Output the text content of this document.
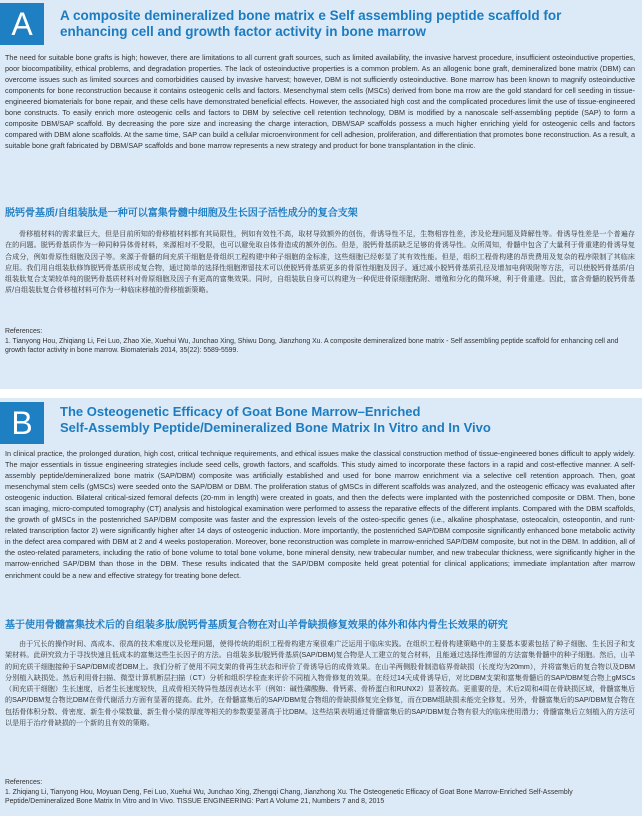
A	A composite demineralized bone matrix e Self assembling peptide scaffold for enhancing cell and growth factor activity in bone marrow
The need for suitable bone grafts is high; however, there are limitations to all current graft sources, such as limited availability, the invasive harvest procedure, insufficient osteoinductive properties, poor biocompatibility, ethical problems, and degradation properties. The lack of osteoinductive properties is a common problem. As an allogenic bone graft, demineralized bone matrix (DBM) can overcome issues such as limited sources and comorbidities caused by invasive harvest; however, DBM is not sufficiently osteoinductive. Bone marrow has been known to magnify osteoinductive components for bone reconstruction because it contains osteogenic cells and factors. Mesenchymal stem cells (MSCs) derived from bone ma rrow are the gold standard for cell seeding in tissue-engineered biomaterials for bone repair, and these cells have demonstrated beneficial effects. However, the associated high cost and the complicated procedures limit the use of tissue-engineered bone constructs. To easily enrich more osteogenic cells and factors to DBM by selective cell retention technology, DBM is modified by a nanoscale self-assembling peptide (SAP) to form a composite DBM/SAP scaffold. By decreasing the pore size and increasing the charge interaction, DBM/SAP scaffolds possess a much higher enriching yield for osteogenic cells and factors compared with DBM alone scaffolds. At the same time, SAP can build a cellular microenvironment for cell adhesion, proliferation, and differentiation that promotes bone reconstruction. As a result, a suitable bone graft fabricated by DBM/SAP scaffolds and bone marrow represents a new strategy and product for bone transplantation in the clinic.
脱钙骨基质/自组装肽是一种可以富集骨髓中细胞及生长因子活性成分的复合支架
骨移植材料的需求量巨大，但是目前所知的骨移植材料都有其局限性，例如有效性不高，取材导致额外的创伤，骨诱导性不足，生物相容性差，涉及伦理问题及降解性等。骨诱导性差是一个普遍存在的问题。脱钙骨基质作为一种同种异体骨材料，来源相对不受限，也可以避免取自体骨造成的额外创伤。但是，脱钙骨基质缺乏足够的骨诱导性。众所周知，骨髓中包含了大量利于骨重建的骨诱导复合成分，例如骨原性细胞及因子等。来源于骨髓的间充质干细胞是骨组织工程构建中种子细胞的金标准，这些细胞已经彰显了其有效性能。但是，组织工程骨构建的昂贵费用及复杂的程序限制了其临床应用。我们用自组装肽修饰脱钙骨基质形成复合物，通过简单的选择性细胞滞留技术可以使脱钙骨基质更多的骨原性细胞及因子。通过减小脱钙骨基质孔径及增加电荷吸附等方法，可以使脱钙骨基质/自组装肽复合支架较单纯的脱钙骨基质材料对骨原细胞及因子有更高的富集效果。同时，自组装肽自身可以构建为一种促进骨原细胞粘附、增殖和分化的微环境，利于骨重建。因此，富含骨髓的脱钙骨基质/自组装肽复合骨移植材料可作为一种临床移植的骨移植新策略。
References:
1. Tianyong Hou, Zhiqiang Li, Fei Luo, Zhao Xie, Xuehui Wu, Junchao Xing, Shiwu Dong, Jianzhong Xu. A composite demineralized bone matrix - Self assembling peptide scaffold for enhancing cell and growth factor activity in bone marrow. Biomaterials 2014, 35(22): 5589-5599.
B	The Osteogenetic Efficacy of Goat Bone Marrow–Enriched
Self-Assembly Peptide/Demineralized Bone Matrix In Vitro and In Vivo
In clinical practice, the prolonged duration, high cost, critical technique requirements, and ethical issues make the classical construction method of tissue-engineered bones difficult to apply widely. The major essentials in tissue engineering strategies include seed cells, growth factors, and scaffolds. This study aimed to incorporate these factors in a rapid and cost-effective manner. A self-assembly peptide/demineralized bone matrix (SAP/DBM) composite was artificially established and used for bone marrow enrichment via a selective cell retention approach. Then, goat mesenchymal stem cells (gMSCs) were seeded onto the SAP/DBM or DBM. The proliferation status of gMSCs in different scaffolds was analyzed, and the osteogenic efficacy was evaluated after osteogenic induction. Bilateral critical-sized femoral defects (20-mm in length) were created in goats, and then the defects were implanted with the postenriched composite or DBM. Then, bone scan imaging, micro-computed tomography (CT) analysis and histological examination were performed to assess the reparative effects of the different implants. Compared with the DBM scaffolds, the growth of gMSCs in the postenriched SAP/DBM composite was faster and the expression levels of the osteo-specific genes (i.e., alkaline phosphatase, osteocalcin, osteopontin, and runt-related transcription factor 2) were significantly higher after 14 days of osteogenic induction. More importantly, the postenriched SAP/DBM composite significantly enhanced bone metabolic activity in the defect area compared with DBM at 2 and 4 weeks postoperation. Moreover, bone reconstruction was complete in marrow-enriched SAP/DBM composite, but not in the DBM. In addition, all of the osteo-related parameters, including the ratio of bone volume to total bone volume, bone mineral density, new trabecular number, and new trabecular thickness, were significantly higher in the marrow-enriched SAP/DBM than those in the DBM. These results indicated that the SAP/DBM composite held great potential for clinical applications; immediate implantation after marrow enrichment could be a new and effective strategy for treating bone defect.
基于使用骨髓富集技术后的自组装多肽/脱钙骨基质复合物在对山羊骨缺损修复效果的体外和体内骨生长效果的研究
由于冗长的操作时间、高成本、很高的技术难度以及伦理问题，使得传统的组织工程骨构建方案很难广泛运用于临床实践。在组织工程骨构建策略中的主要基本要素包括了种子细胞、生长因子和支架材料。此研究致力于寻找快速且低成本的富集这些生长因子的方法。自组装多肽/脱钙骨基质(SAP/DBM)复合物是人工建立的复合材料，且能通过选择性滞留的方法富集骨髓中的种子细胞。然后，山羊的间充质干细胞接种于SAP/DBM或者DBM上。我们分析了使用不同支架的骨再生状态和评价了骨诱导后的成骨效果。在山羊两侧股骨制造临界骨缺损（长度均为20mm），并将富集后的复合物以及DBM分别植入缺损处。然后利用骨扫描、微型计算机断层扫描（CT）分析和组织学检查来评价不同植入物骨修复的效果。在经过14天成骨诱导后，对比DBM支架和富集骨髓后的SAP/DBM复合物上gMSCs（间充质干细胞）生长速度，后者生长速度较快，且成骨相关特异性基因表达水平（例如：碱性磷酸酶、骨钙素、骨桥蛋白和RUNX2）显著较高。更重要的是，术后2周和4周在骨缺损区域，骨髓富集后的SAP/DBM复合物比DBM在骨代谢活力方面有显著的提高。此外，在骨髓富集后的SAP/DBM复合物组的骨缺损修复完全修复，而在DBM组缺损未能完全修复。另外，骨髓富集后的SAP/DBM复合物在包括骨体积分数、骨密度、新生骨小梁数量、新生骨小梁的厚度等相关的参数要显著高于比DBM。这些结果表明通过骨髓富集后的SAP/DBM复合物有很大的临床使用潜力；骨髓富集后立刻植入的方法可以是用于治疗骨缺损的一个新的且有效的策略。
References:
1. Zhiqiang Li, Tianyong Hou, Moyuan Deng, Fei Luo, Xuehui Wu, Junchao Xing, Zhengqi Chang, Jianzhong Xu. The Osteogenetic Efficacy of Goat Bone Marrow-Enriched Self-Assembly Peptide/Demineralized Bone Matrix In Vitro and In Vivo. TISSUE ENGINEERING: Part A Volume 21, Numbers 7 and 8, 2015
